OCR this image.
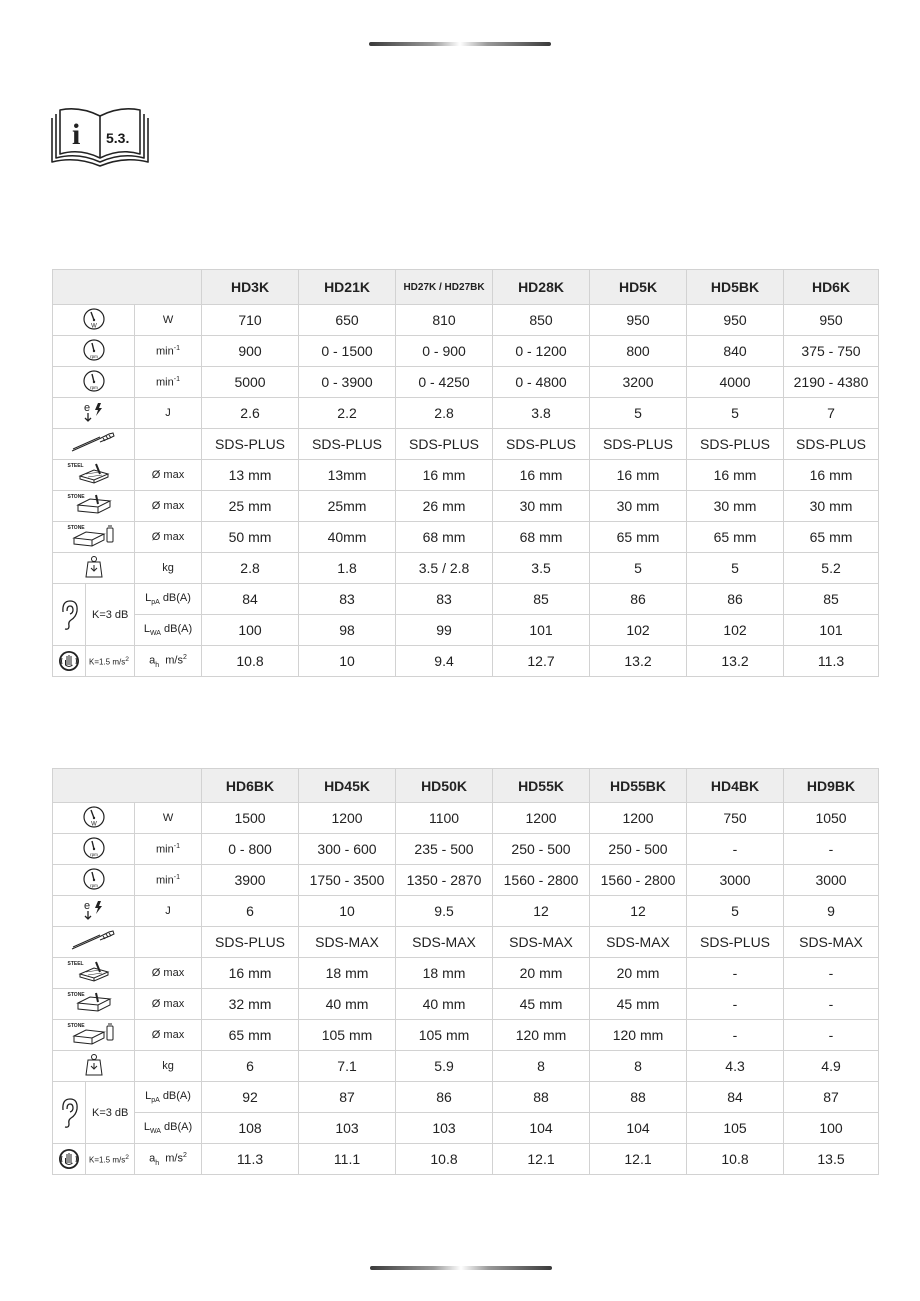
i 5.3.
			HD3K	HD21K	HD27K / HD27BK	HD28K	HD5K	HD5BK	HD6K

W		W	710	650	810	850	950	950	950

rpm		$\min^{-1}$	900	0 - 1500	0 - 900	0 - 1200	800	840	375 - 750

rpm		$\min^{-1}$	5000	0 - 3900	0 - 4250	0 - 4800	3200	4000	2190 - 4380

e		J	2.6	2.2	2.8	3.8	5	5	7

		SDS-PLUS	SDS-PLUS	SDS-PLUS	SDS-PLUS	SDS-PLUS	SDS-PLUS	SDS-PLUS

STEEL		Ø max	13 mm	13mm	16 mm	16 mm	16 mm	16 mm	16 mm

STONE		Ø max	25 mm	25mm	26 mm	30 mm	30 mm	30 mm	30 mm

STONE		Ø max	50 mm	40mm	68 mm	68 mm	65 mm	65 mm	65 mm

	kg	2.8	1.8	3.5 / 2.8	3.5	5	5	5.2

	K=3 dB	$L_{pA}$ dB(A)	84	83	83	85	86	86	85
		$L_{WA}$ dB(A)	100	98	99	101	102	102	101

	K=1.5 $m/s^2$	$a_h$ $m/s^2$	10.8	10	9.4	12.7	13.2	13.2	11.3
			HD6BK	HD45K	HD50K	HD55K	HD55BK	HD4BK	HD9BK

W		W	1500	1200	1100	1200	1200	750	1050

rpm		$\min^{-1}$	0 - 800	300 - 600	235 - 500	250 - 500	250 - 500	-	-

rpm		$\min^{-1}$	3900	1750 - 3500	1350 - 2870	1560 - 2800	1560 - 2800	3000	3000

e		J	6	10	9.5	12	12	5	9

		SDS-PLUS	SDS-MAX	SDS-MAX	SDS-MAX	SDS-MAX	SDS-PLUS	SDS-MAX

STEEL		Ø max	16 mm	18 mm	18 mm	20 mm	20 mm	-	-

STONE		Ø max	32 mm	40 mm	40 mm	45 mm	45 mm	-	-

STONE		Ø max	65 mm	105 mm	105 mm	120 mm	120 mm	-	-

	kg	6	7.1	5.9	8	8	4.3	4.9

	K=3 dB	$L_{pA}$ dB(A)	92	87	86	88	88	84	87
		$L_{WA}$ dB(A)	108	103	103	104	104	105	100

	K=1.5 $m/s^2$	$a_h$ $m/s^2$	11.3	11.1	10.8	12.1	12.1	10.8	13.5
